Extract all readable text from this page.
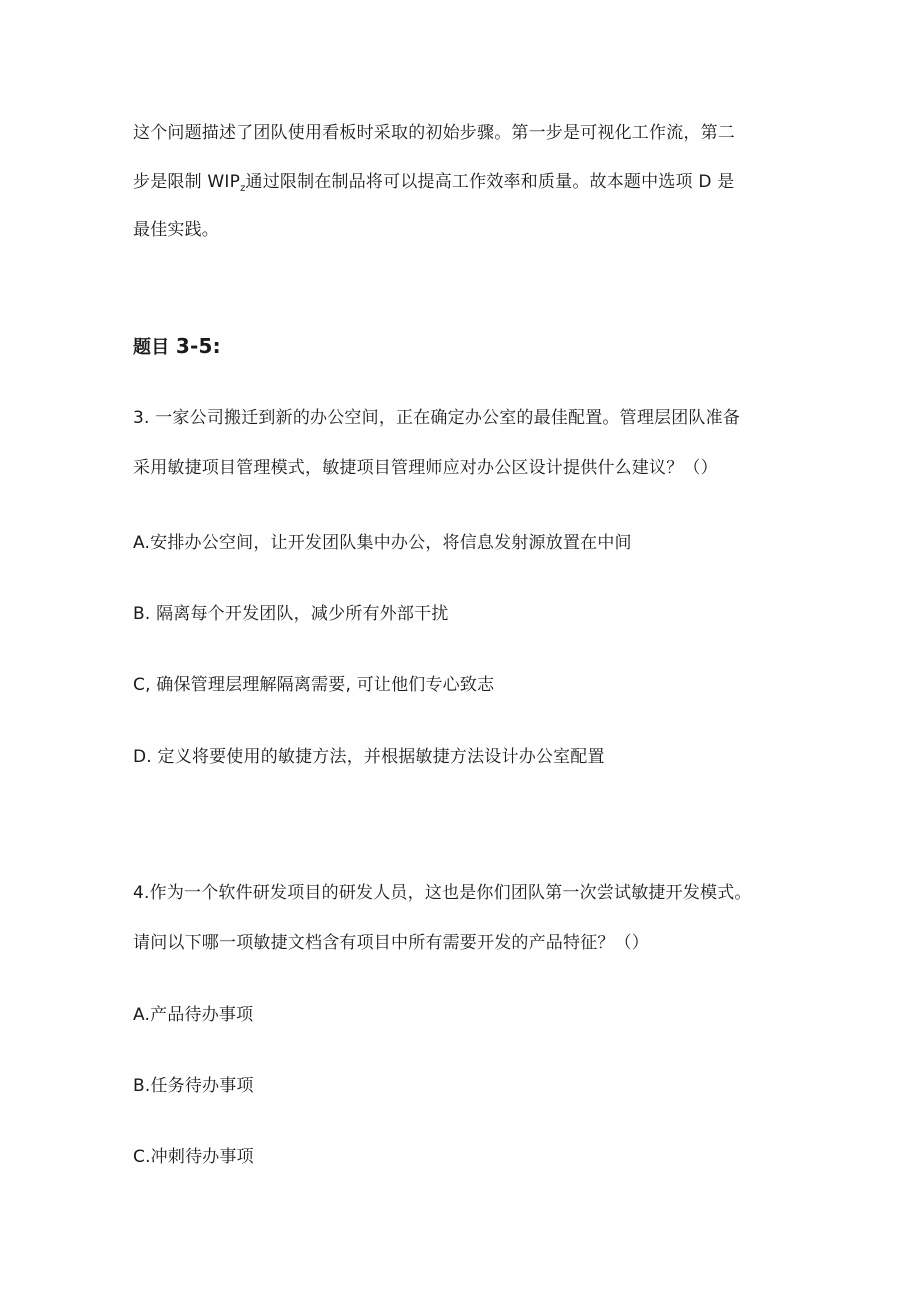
这个问题描述了团队使用看板时采取的初始步骤。第一步是可视化工作流，第二
步是限制 $WIP_z$通过限制在制品将可以提高工作效率和质量。故本题中选项 D 是
最佳实践。
题目 3-5:
3. 一家公司搬迁到新的办公空间，正在确定办公室的最佳配置。管理层团队准备
采用敏捷项目管理模式，敏捷项目管理师应对办公区设计提供什么建议？（）
A.安排办公空间，让开发团队集中办公，将信息发射源放置在中间
B. 隔离每个开发团队，减少所有外部干扰
C, 确保管理层理解隔离需要, 可让他们专心致志
D. 定义将要使用的敏捷方法，并根据敏捷方法设计办公室配置
4.作为一个软件研发项目的研发人员，这也是你们团队第一次尝试敏捷开发模式。
请问以下哪一项敏捷文档含有项目中所有需要开发的产品特征？（）
A.产品待办事项
B.任务待办事项
C.冲刺待办事项
